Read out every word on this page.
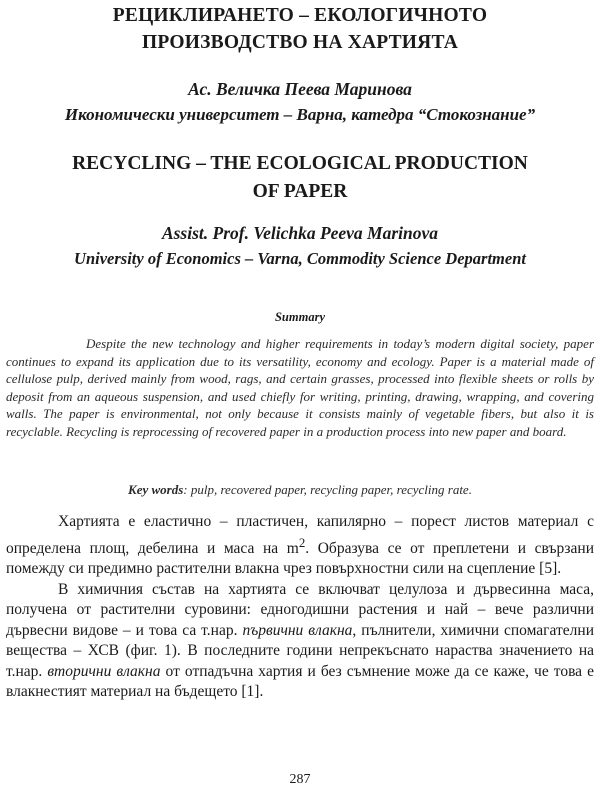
РЕЦИКЛИРАНЕТО – ЕКОЛОГИЧНОТО
ПРОИЗВОДСТВО НА ХАРТИЯТА
Ас. Величка Пеева Маринова
Икономически университет – Варна, катедра “Стокознание”
RECYCLING – THE ECOLOGICAL PRODUCTION
OF PAPER
Assist. Prof. Velichka Peeva Marinova
University of Economics – Varna, Commodity Science Department
Summary
Despite the new technology and higher requirements in today’s modern digital society, paper continues to expand its application due to its versatility, economy and ecology. Paper is a material made of cellulose pulp, derived mainly from wood, rags, and certain grasses, processed into flexible sheets or rolls by deposit from an aqueous suspension, and used chiefly for writing, printing, drawing, wrapping, and covering walls. The paper is environmental, not only because it consists mainly of vegetable fibers, but also it is recyclable. Recycling is reprocessing of recovered paper in a production process into new paper and board.
Key words: pulp, recovered paper, recycling paper, recycling rate.

Хартията е еластично – пластичен, капилярно – порест листов материал с определена площ, дебелина и маса на $m^2$. Образува се от преплетени и свързани помежду си предимно растителни влакна чрез повърхностни сили на сцепление [5].

В химичния състав на хартията се включват целулоза и дървесинна маса, получена от растителни суровини: едногодишни растения и най – вече различни дървесни видове – и това са т.нар. първични влакна, пълнители, химични спомагателни вещества – ХСВ (фиг. 1). В последните години непрекъснато нараства значението на т.нар. вторични влакна от отпадъчна хартия и без съмнение може да се каже, че това е влакнестият материал на бъдещето [1].

287
